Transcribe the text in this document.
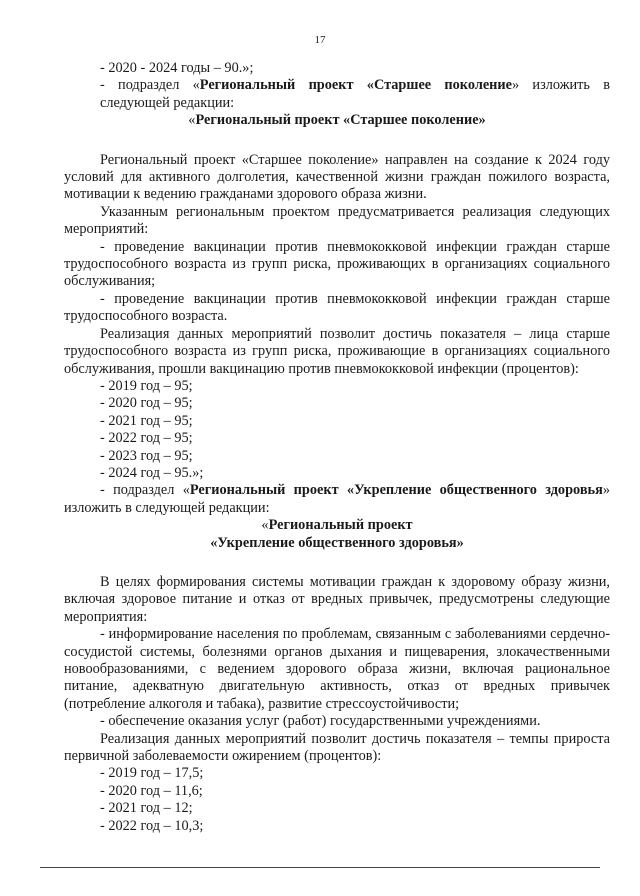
17

- 2020 - 2024 годы – 90.»;

- подраздел «Региональный проект «Старшее поколение» изложить в следующей редакции:

«Региональный проект «Старшее поколение»

Региональный проект «Старшее поколение» направлен на создание к 2024 году условий для активного долголетия, качественной жизни граждан пожилого возраста, мотивации к ведению гражданами здорового образа жизни.

Указанным региональным проектом предусматривается реализация следующих мероприятий:

- проведение вакцинации против пневмококковой инфекции граждан старше трудоспособного возраста из групп риска, проживающих в организациях социального обслуживания;

- проведение вакцинации против пневмококковой инфекции граждан старше трудоспособного возраста.

Реализация данных мероприятий позволит достичь показателя – лица старше трудоспособного возраста из групп риска, проживающие в организациях социального обслуживания, прошли вакцинацию против пневмококковой инфекции (процентов):

- 2019 год – 95;

- 2020 год – 95;

- 2021 год – 95;

- 2022 год – 95;

- 2023 год – 95;

- 2024 год – 95.»;

- подраздел «Региональный проект «Укрепление общественного здоровья» изложить в следующей редакции:

«Региональный проект

«Укрепление общественного здоровья»

В целях формирования системы мотивации граждан к здоровому образу жизни, включая здоровое питание и отказ от вредных привычек, предусмотрены следующие мероприятия:

- информирование населения по проблемам, связанным с заболеваниями сердечно-сосудистой системы, болезнями органов дыхания и пищеварения, злокачественными новообразованиями, с ведением здорового образа жизни, включая рациональное питание, адекватную двигательную активность, отказ от вредных привычек (потребление алкоголя и табака), развитие стрессоустойчивости;

- обеспечение оказания услуг (работ) государственными учреждениями.

Реализация данных мероприятий позволит достичь показателя – темпы прироста первичной заболеваемости ожирением (процентов):

- 2019 год – 17,5;

- 2020 год – 11,6;

- 2021 год – 12;

- 2022 год – 10,3;
